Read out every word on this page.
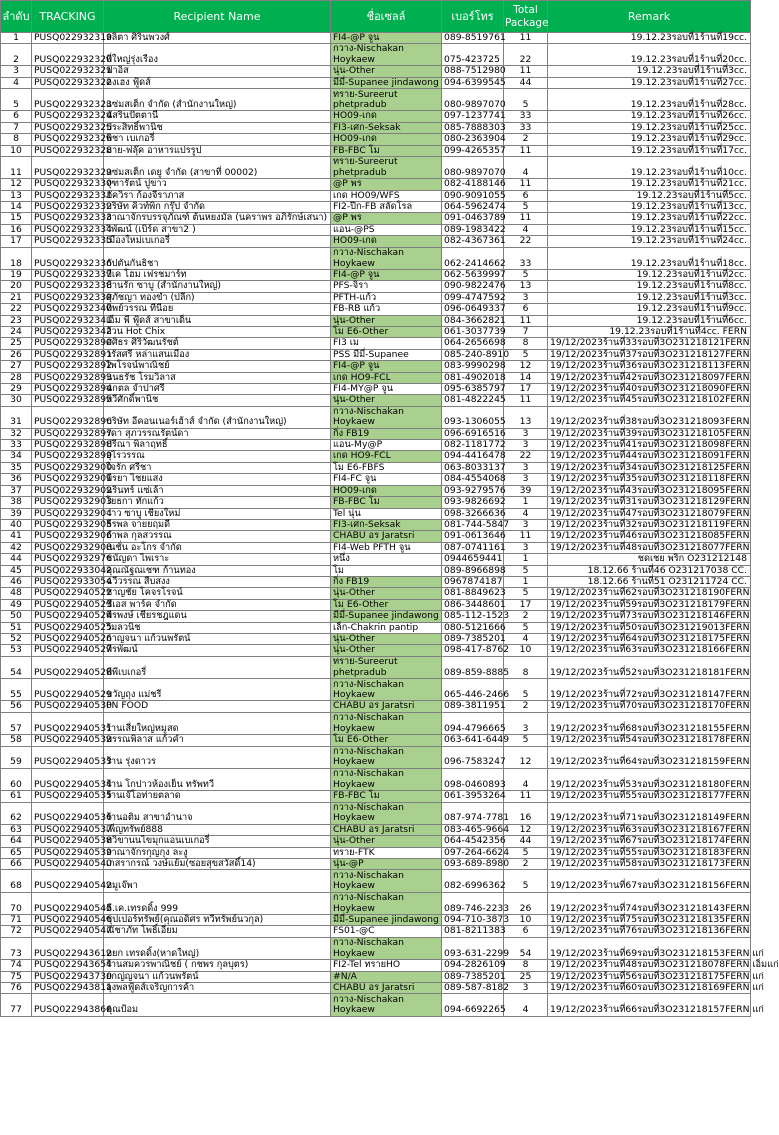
ลำดับ	TRACKING	Recipient Name	ชื่อเซลล์	เบอร์โทร	Total Package	Remark
1	PUSQ022932319	ลลิตา ศิรินพวงศ์	FI4-@P จูน	089-8519761	11	19.12.23รอบที่1ร้านที่19cc.
2	PUSQ022932320	พี่ใหญ่รุ่งเรือง	กวาง-Nischakan Hoykaew	075-423725	22	19.12.23รอบที่1ร้านที่20cc.
3	PUSQ022932321	ฟาอิส	นุ่น-Other	088-7512980	11	19.12.23รอบที่1ร้านที่3cc.
4	PUSQ022932322	ดงเฮง ฟู้ดส์	มีมี่-Supanee jindawong	094-6399545	44	19.12.23รอบที่1ร้านที่27cc.
5	PUSQ022932323	แซ่มสเต็ก จำกัด (สำนักงานใหญ่)	ทราย-Sureerut phetpradub	080-9897070	5	19.12.23รอบที่1ร้านที่28cc.
6	PUSQ022932324	นัสรินปัตตานี	HO09-เกด	097-1237741	33	19.12.23รอบที่1ร้านที่26cc.
7	PUSQ022932325	ประสิทธิ์พานิช	FI3-เศก-Seksak	085-7888303	33	19.12.23รอบที่1ร้านที่25cc.
8	PUSQ022932326	พิชา เบเกอรี่	HO09-เกด	080-2363904	2	19.12.23รอบที่1ร้านที่29cc.
10	PUSQ022932328	มาย-ฟลุ๊ค อาหารแปรรูป	FB-FBC โม	099-4265357	11	19.12.23รอบที่1ร้านที่17cc.
11	PUSQ022932329	แซ่มสเต็ก เดยู จำกัด (สาขาที่ 00002)	ทราย-Sureerut phetpradub	080-9897070	4	19.12.23รอบที่1ร้านที่10cc.
12	PUSQ022932330	จุฑารัตน์ ปูขาว	@P พร	082-4188146	11	19.12.23รอบที่1ร้านที่21cc.
13	PUSQ022932331	ภัควิรา ก้องจีราภาส	เกด HO09/WFS	090-9091055	6	19.12.23รอบที่1ร้านที่5cc.
14	PUSQ022932332	บริษัท คิวท์พิก กรุ๊ป จำกัด	FI2-ปีก-FB สลัดโรล	064-5962474	5	19.12.23รอบที่1ร้านที่13cc.
15	PUSQ022932333	อาณาจักรบรรจุภัณฑ์ ต้นหยงมัล (นคราพร อภิรักษ์เสนา)	@P พร	091-0463789	11	19.12.23รอบที่1ร้านที่22cc.
16	PUSQ022932334	วิพัฒน์ (เบิร์ด สาขา2 )	แอน-@PS	089-1983422	4	19.12.23รอบที่1ร้านที่15cc.
17	PUSQ022932335	เมืองใหม่เบเกอรี่	HO09-เกด	082-4367361	22	19.12.23รอบที่1ร้านที่24cc.
18	PUSQ022932336	กัปตันกันธิชา	กวาง-Nischakan Hoykaew	062-2414662	33	19.12.23รอบที่1ร้านที่18cc.
19	PUSQ022932337	บีเค โฮม เฟรชมาร์ท	FI4-@P จูน	062-5639997	5	19.12.23รอบที่1ร้านที่2cc.
20	PUSQ022932338	บ้านรัก ซาบู (สำนักงานใหญ่)	PFS-จิรา	090-9822476	13	19.12.23รอบที่1ร้านที่8cc.
21	PUSQ022932339	ศุภัชญา ทองขำ (ปลีก)	PFTH-แก้ว	099-4747592	3	19.12.23รอบที่1ร้านที่3cc.
22	PUSQ022932340	ทิพย์วรรณ ทีนีอย	FB-RB แก้ว	096-0649337	6	19.12.23รอบที่1ร้านที่9cc.
23	PUSQ022932341	เอ็ม พี ฟู้ดส์ สาขาเด็น	นุ่น-Other	084-3662821	11	19.12.23รอบที่1ร้านที่6cc.
24	PUSQ022932342	อ้วน Hot Chix	โม E6-Other	061-3037739	7	19.12.23รอบที่1ร้านที่4cc. FERN
25	PUSQ022932890	ศศิธร ศิริวัฒนรัชต์	FI3 เม	064-2656698	8	19/12/2023ร้านที่33รอบที่3O231218121FERN
26	PUSQ022932891	วรัสศรี หล่าแสนเมือง	PSS มีมี่-Supanee	085-240-8910	5	19/12/2023ร้านที่37รอบที่3O231218127FERN
27	PUSQ022932892	ไพโรจน์พาณิชย์	FI4-@P จูน	083-9990298	12	19/12/2023ร้านที่36รอบที่3O231218113FERN
28	PUSQ022932893	นนธรัช โรมวิลาส	เกด HO9-FCL	081-4902018	14	19/12/2023ร้านที่42รอบที่3O231218097FERN
29	PUSQ022932894	นกตล จำปาศรี	FI4-MY@P จูน	095-6385797	17	19/12/2023ร้านที่40รอบที่3O231218090FERN
30	PUSQ022932895	ทวีศักดิ์พานิช	นุ่น-Other	081-4822245	11	19/12/2023ร้านที่45รอบที่3O231218102FERN
31	PUSQ022932896	บริษัท อีคอนเนอร์เฮ้าส์ จำกัด (สำนักงานใหญ่)	กวาง-Nischakan Hoykaew	093-1306055	13	19/12/2023ร้านที่38รอบที่3O231218093FERN
32	PUSQ022932897	รดา สุภวรรณรัตน์ดา	กิ่ง FB19	096-6916516	3	19/12/2023ร้านที่39รอบที่3O231218105FERN
33	PUSQ022932898	ปรีณา พิลาฤทธิ์	แอน-My@P	082-1181772	3	19/12/2023ร้านที่41รอบที่3O231218098FERN
34	PUSQ022932899	อุไรวรรณ	เกด HO9-FCL	094-4416478	22	19/12/2023ร้านที่44รอบที่3O231218091FERN
35	PUSQ022932900	ใจรัก ศรีชา	โม E6-FBFS	063-8033137	3	19/12/2023ร้านที่34รอบที่3O231218125FERN
36	PUSQ022932901	พีรยา ไชยแสง	FI4-FC จูน	084-4554068	3	19/12/2023ร้านที่35รอบที่3O231218118FERN
37	PUSQ022932902	นรินทร์ แซ่เล้า	HO09-เกด	093-9279576	39	19/12/2023ร้านที่43รอบที่3O231218095FERN
38	PUSQ022932903	โยธกา ทักแก้ว	FB-FBC โม	093-9826692	1	19/12/2023ร้านที่31รอบที่3O231218129FERN
39	PUSQ022932904	ว่าว ซาบู เชียงใหม่	Tel นุ่น	098-3266636	4	19/12/2023ร้านที่47รอบที่3O231218079FERN
40	PUSQ022932905	ธีรพล จายยฤมดี	FI3-เศก-Seksak	081-744-5847	3	19/12/2023ร้านที่32รอบที่3O231218119FERN
41	PUSQ022932906	อำพล กุลสวรรณ	CHABU อร Jaratsri	091-0613646	11	19/12/2023ร้านที่46รอบที่3O231218085FERN
42	PUSQ022932908	เนชั่น อะโกร จำกัด	FI4-Web PFTH จูน	087-0741161	3	19/12/2023ร้านที่48รอบที่3O231218077FERN
44	PUSQ022932976	ชนัญดา ไพเราะ	หนึ่ง	0944659441	1	ชดเชย พริก O231212148
45	PUSQ022933042	คุณณัฐณเชฑ ก้านทอง	โม	089-8966898	5	18.12.66 ร้านที่46 O231217038 CC.
46	PUSQ022933054	ฉวีวรรณ สืบสงง	กิ่ง FB19	0967874187	1	18.12.66 ร้านที่51 O231211724 CC.
48	PUSQ022940522	ชาญชัย โคจรโรจน์	นุ่น-Other	081-8849623	5	19/12/2023ร้านที่62รอบที่3O231218190FERN
49	PUSQ022940523	ซีเอส พาร์ค จำกัด	โม E6-Other	086-3448601	17	19/12/2023ร้านที่59รอบที่3O231218179FERN
50	PUSQ022940524	พีรพงษ์ เชียรชฎแดน	มีมี่-Supanee jindawong	085-112-1523	2	19/12/2023ร้านที่73รอบที่3O231218146FERN
51	PUSQ022940525	วิมลวนิช	เล็ก-Chakrin pantip	080-5121666	5	19/12/2023ร้านที่50รอบที่3O231219013FERN
52	PUSQ022940526	กาญจนา แก้วนพรัตน์	นุ่น-Other	089-7385201	4	19/12/2023ร้านที่64รอบที่3O231218175FERN
53	PUSQ022940527	พีรพัฒน์	นุ่น-Other	098-417-8762	10	19/12/2023ร้านที่63รอบที่3O231218166FERN
54	PUSQ022940528	พีพีเบเกอรี่	ทราย-Sureerut phetpradub	089-859-8885	8	19/12/2023ร้านที่52รอบที่3O231218181FERN
55	PUSQ022940529	ขวัญถุง แม่ชรี	กวาง-Nischakan Hoykaew	065-446-2466	5	19/12/2023ร้านที่72รอบที่3O231218147FERN
56	PUSQ022940530	PN FOOD	CHABU อร Jaratsri	089-3811951	2	19/12/2023ร้านที่70รอบที่3O231218170FERN
57	PUSQ022940531	ร้านเสี่ยใหญ่หมูสด	กวาง-Nischakan Hoykaew	094-4796665	3	19/12/2023ร้านที่68รอบที่3O231218155FERN
58	PUSQ022940532	พรรณพิลาส แก้วคำ	โม E6-Other	063-641-6449	5	19/12/2023ร้านที่54รอบที่3O231218178FERN
59	PUSQ022940533	ร้าน รุ่งดาวร	กวาง-Nischakan Hoykaew	096-7583247	12	19/12/2023ร้านที่64รอบที่3O231218159FERN
60	PUSQ022940534	ร้าน โกปาวห้องเย็น ทรัพทวี	กวาง-Nischakan Hoykaew	098-0460893	4	19/12/2023ร้านที่53รอบที่3O231218180FERN
61	PUSQ022940535	ร้านเจ๊โอท่ายตลาด	FB-FBC โม	061-3953264	11	19/12/2023ร้านที่55รอบที่3O231218177FERN
62	PUSQ022940536	ร้านอติม สาขาอำนาจ	กวาง-Nischakan Hoykaew	087-974-7781	16	19/12/2023ร้านที่71รอบที่3O231218149FERN
63	PUSQ022940537	เพ็ญทรัพย์888	CHABU อร Jaratsri	083-465-9664	12	19/12/2023ร้านที่63รอบที่3O231218167FERN
64	PUSQ022940538	ทวิขานนไขมุกแอนเบเกอรี่	นุ่น-Other	064-4542356	44	19/12/2023ร้านที่67รอบที่3O231218174FERN
65	PUSQ022940539	อาณาจักรกุญกุง ละงู	ทราย-FTK	097-264-6624	5	19/12/2023ร้านที่55รอบที่3O231218183FERN
66	PUSQ022940540	เกสรากรณ์ วงษ์แย้ม(ซอยสุขสวัสดิ์14)	นุ่น-@P	093-689-8980	2	19/12/2023ร้านที่58รอบที่3O231218173FERN
68	PUSQ022940542	หมูเจ๊พา	กวาง-Nischakan Hoykaew	082-6996362	5	19/12/2023ร้านที่67รอบที่3O231218156FERN
70	PUSQ022940545	ดี.เค.เทรดดิ้ง 999	กวาง-Nischakan Hoykaew	089-746-2233	26	19/12/2023ร้านที่74รอบที่3O231218143FERN
71	PUSQ022940546	ซุปเปอร์ทรัพย์(คุณอดิศร ทวีทรัพย์นวกุล)	มีมี่-Supanee jindawong	094-710-3873	10	19/12/2023ร้านที่75รอบที่3O231218135FERN
72	PUSQ022940547	ณัชาภัท โพธิ์เอี่ยม	FS01-@C	081-8211383	6	19/12/2023ร้านที่76รอบที่3O231218136FERN
73	PUSQ022943612	หยก เทรดดิ้ง(หาดใหญ่)	กวาง-Nischakan Hoykaew	093-631-2299	54	19/12/2023ร้านที่69รอบที่3O231218153FERN แก่
74	PUSQ022943654	ร้านสมควรพาณิชย์ ( กชพร กุลบุตร)	FI2-Tel ทรายHO	094-2826109	8	19/12/2023ร้านที่48รอบที่3O231218078FERN เอ็มแก่
75	PUSQ022943730	ยกญ่ญจนา แก้วนพรัตน์	#N/A	089-7385201	25	19/12/2023ร้านที่56รอบที่3O231218175FERN แก่
76	PUSQ022943811	ลุงพลฟู้ดส์เจริญการค้า	CHABU อร Jaratsri	089-587-8182	3	19/12/2023ร้านที่60รอบที่3O231218169FERN แก่
77	PUSQ022943866	คุณป้อม	กวาง-Nischakan Hoykaew	094-6692265	4	19/12/2023ร้านที่66รอบที่3O231218157FERN แก่
